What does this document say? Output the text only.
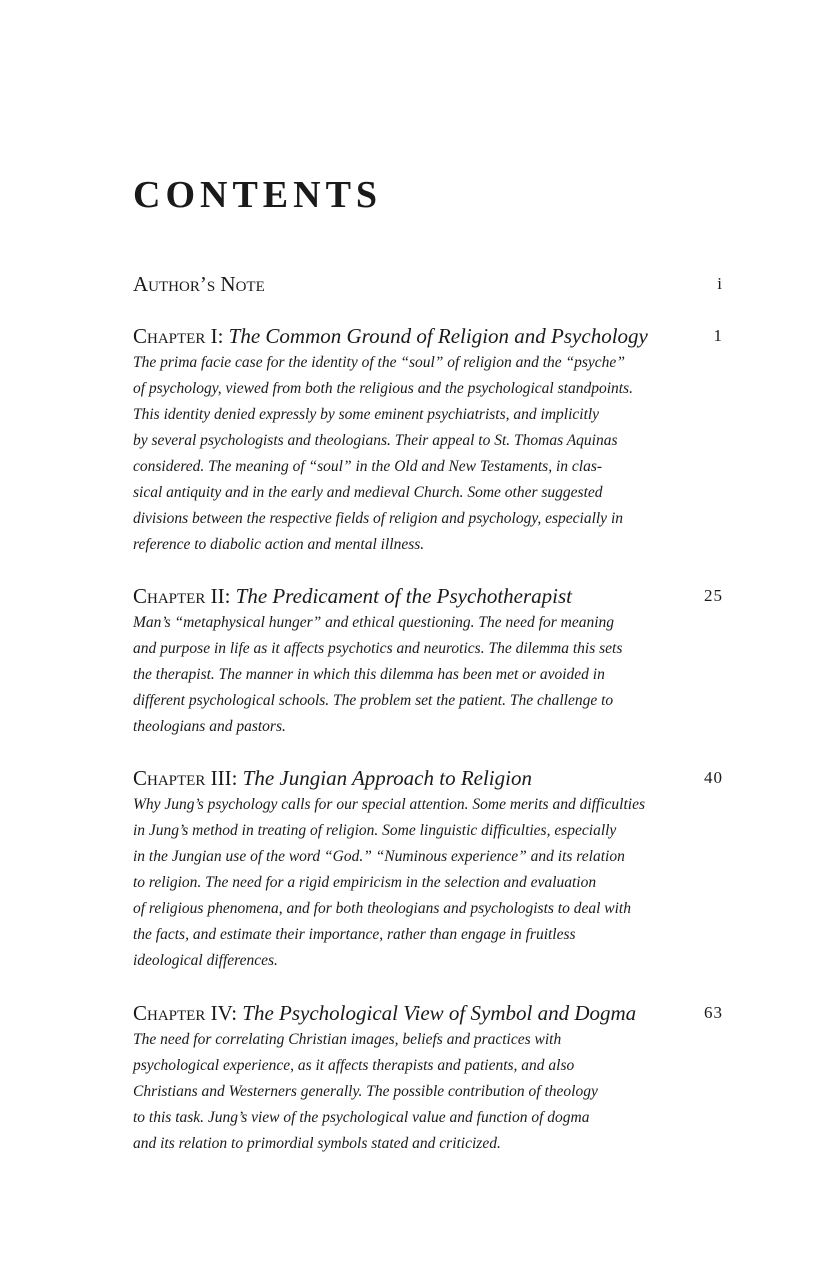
CONTENTS
Author’s Note	i
Chapter I: The Common Ground of Religion and Psychology	1
The prima facie case for the identity of the “soul” of religion and the “psyche”
of psychology, viewed from both the religious and the psychological standpoints.
This identity denied expressly by some eminent psychiatrists, and implicitly
by several psychologists and theologians. Their appeal to St. Thomas Aquinas
considered. The meaning of “soul” in the Old and New Testaments, in clas-
sical antiquity and in the early and medieval Church. Some other suggested
divisions between the respective fields of religion and psychology, especially in
reference to diabolic action and mental illness.
Chapter II: The Predicament of the Psychotherapist	25
Man’s “metaphysical hunger” and ethical questioning. The need for meaning
and purpose in life as it affects psychotics and neurotics. The dilemma this sets
the therapist. The manner in which this dilemma has been met or avoided in
different psychological schools. The problem set the patient. The challenge to
theologians and pastors.
Chapter III: The Jungian Approach to Religion	40
Why Jung’s psychology calls for our special attention. Some merits and difficulties
in Jung’s method in treating of religion. Some linguistic difficulties, especially
in the Jungian use of the word “God.” “Numinous experience” and its relation
to religion. The need for a rigid empiricism in the selection and evaluation
of religious phenomena, and for both theologians and psychologists to deal with
the facts, and estimate their importance, rather than engage in fruitless
ideological differences.
Chapter IV: The Psychological View of Symbol and Dogma	63
The need for correlating Christian images, beliefs and practices with
psychological experience, as it affects therapists and patients, and also
Christians and Westerners generally. The possible contribution of theology
to this task. Jung’s view of the psychological value and function of dogma
and its relation to primordial symbols stated and criticized.
